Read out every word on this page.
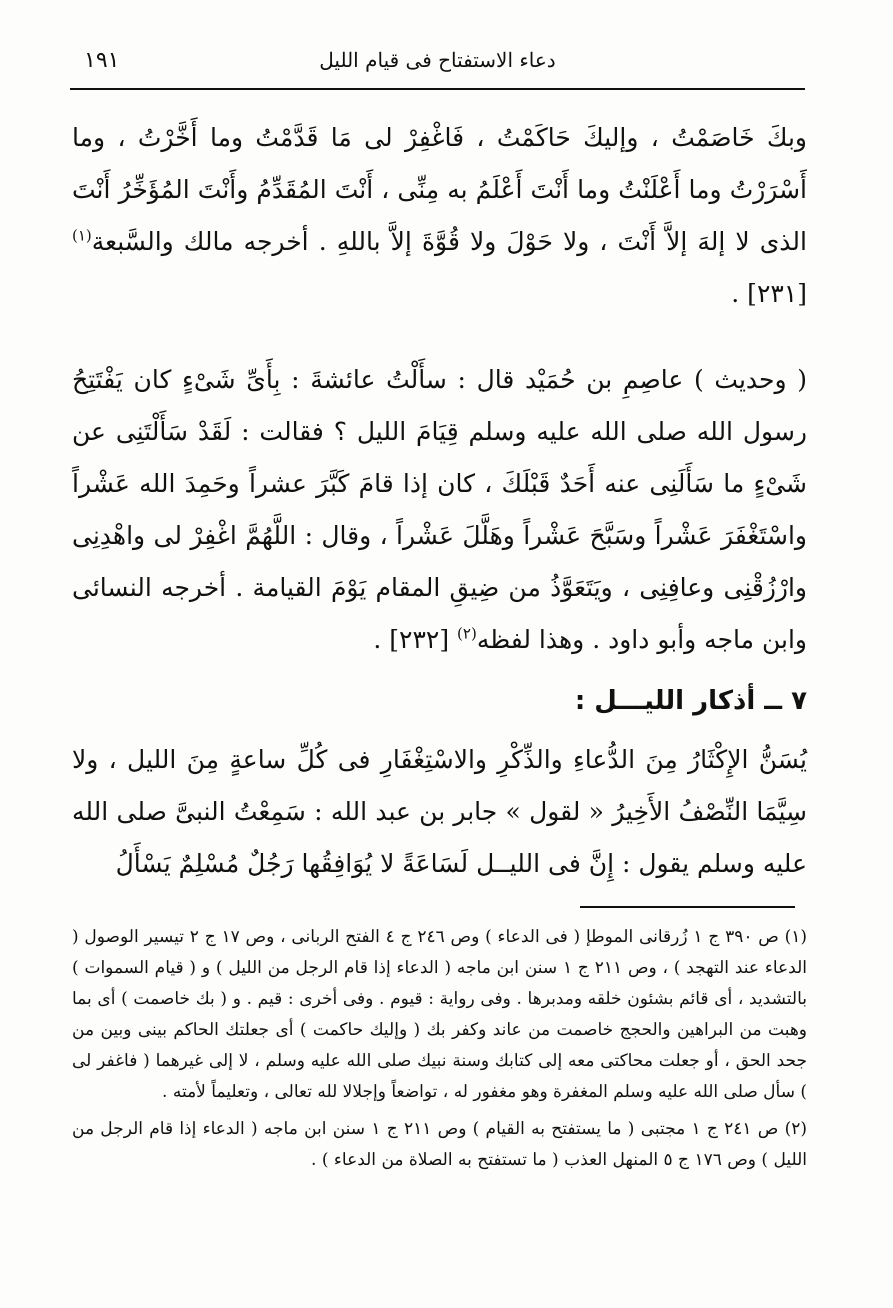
دعاء الاستفتاح فى قيام الليل
١٩١

وبكَ خَاصَمْتُ ، وإليكَ حَاكَمْتُ ، فَاغْفِرْ لى مَا قَدَّمْتُ وما أَخَّرْتُ ، وما أَسْرَرْتُ وما أَعْلَنْتُ وما أَنْتَ أَعْلَمُ به مِنِّى ، أَنْتَ المُقَدِّمُ وأَنْتَ المُؤَخِّرُ أَنْتَ الذى لا إلهَ إلاَّ أَنْتَ ، ولا حَوْلَ ولا قُوَّةَ إلاَّ باللهِ . أخرجه مالك والسَّبعة$^{(١)}$ [٢٣١] .

( وحديث ) عاصِمِ بن حُمَيْد قال : سأَلْتُ عائشةَ : بِأَىِّ شَىْءٍ كان يَفْتَتِحُ رسول الله صلى الله عليه وسلم قِيَامَ الليل ؟ فقالت : لَقَدْ سَأَلْتَنِى عن شَىْءٍ ما سَأَلَنِى عنه أَحَدٌ قَبْلَكَ ، كان إذا قامَ كَبَّرَ عشراً وحَمِدَ الله عَشْراً واسْتَغْفَرَ عَشْراً وسَبَّحَ عَشْراً وهَلَّلَ عَشْراً ، وقال : اللَّهُمَّ اغْفِرْ لى واهْدِنِى وارْزُقْنِى وعافِنِى ، ويَتَعَوَّذُ من ضِيقِ المقام يَوْمَ القيامة . أخرجه النسائى وابن ماجه وأبو داود . وهذا لفظه$^{(٢)}$ [٢٣٢] .

٧ ــ أذكار الليـــل :

يُسَنُّ الإِكْثَارُ مِنَ الدُّعاءِ والذِّكْرِ والاسْتِغْفَارِ فى كُلِّ ساعةٍ مِنَ الليل ، ولا سِيَّمَا النِّصْفُ الأَخِيرُ « لقول » جابر بن عبد الله : سَمِعْتُ النبىَّ صلى الله عليه وسلم يقول : إِنَّ فى الليــل لَسَاعَةً لا يُوَافِقُها رَجُلٌ مُسْلِمٌ يَسْأَلُ

(١) ص ٣٩٠ ج ١ زُرقانى الموطإ ( فى الدعاء ) وص ٢٤٦ ج ٤ الفتح الربانى ، وص ١٧ ج ٢ تيسير الوصول ( الدعاء عند التهجد ) ، وص ٢١١ ج ١ سنن ابن ماجه ( الدعاء إذا قام الرجل من الليل ) و ( قيام السموات ) بالتشديد ، أى قائم بشئون خلقه ومدبرها . وفى رواية : قيوم . وفى أخرى : قيم . و ( بك خاصمت ) أى بما وهبت من البراهين والحجج خاصمت من عاند وكفر بك ( وإليك حاكمت ) أى جعلتك الحاكم بينى وبين من جحد الحق ، أو جعلت محاكتى معه إلى كتابك وسنة نبيك صلى الله عليه وسلم ، لا إلى غيرهما ( فاغفر لى ) سأل صلى الله عليه وسلم المغفرة وهو مغفور له ، تواضعاً وإجلالا لله تعالى ، وتعليماً لأمته .

(٢) ص ٢٤١ ج ١ مجتبى ( ما يستفتح به القيام ) وص ٢١١ ج ١ سنن ابن ماجه ( الدعاء إذا قام الرجل من الليل ) وص ١٧٦ ج ٥ المنهل العذب ( ما تستفتح به الصلاة من الدعاء ) .
